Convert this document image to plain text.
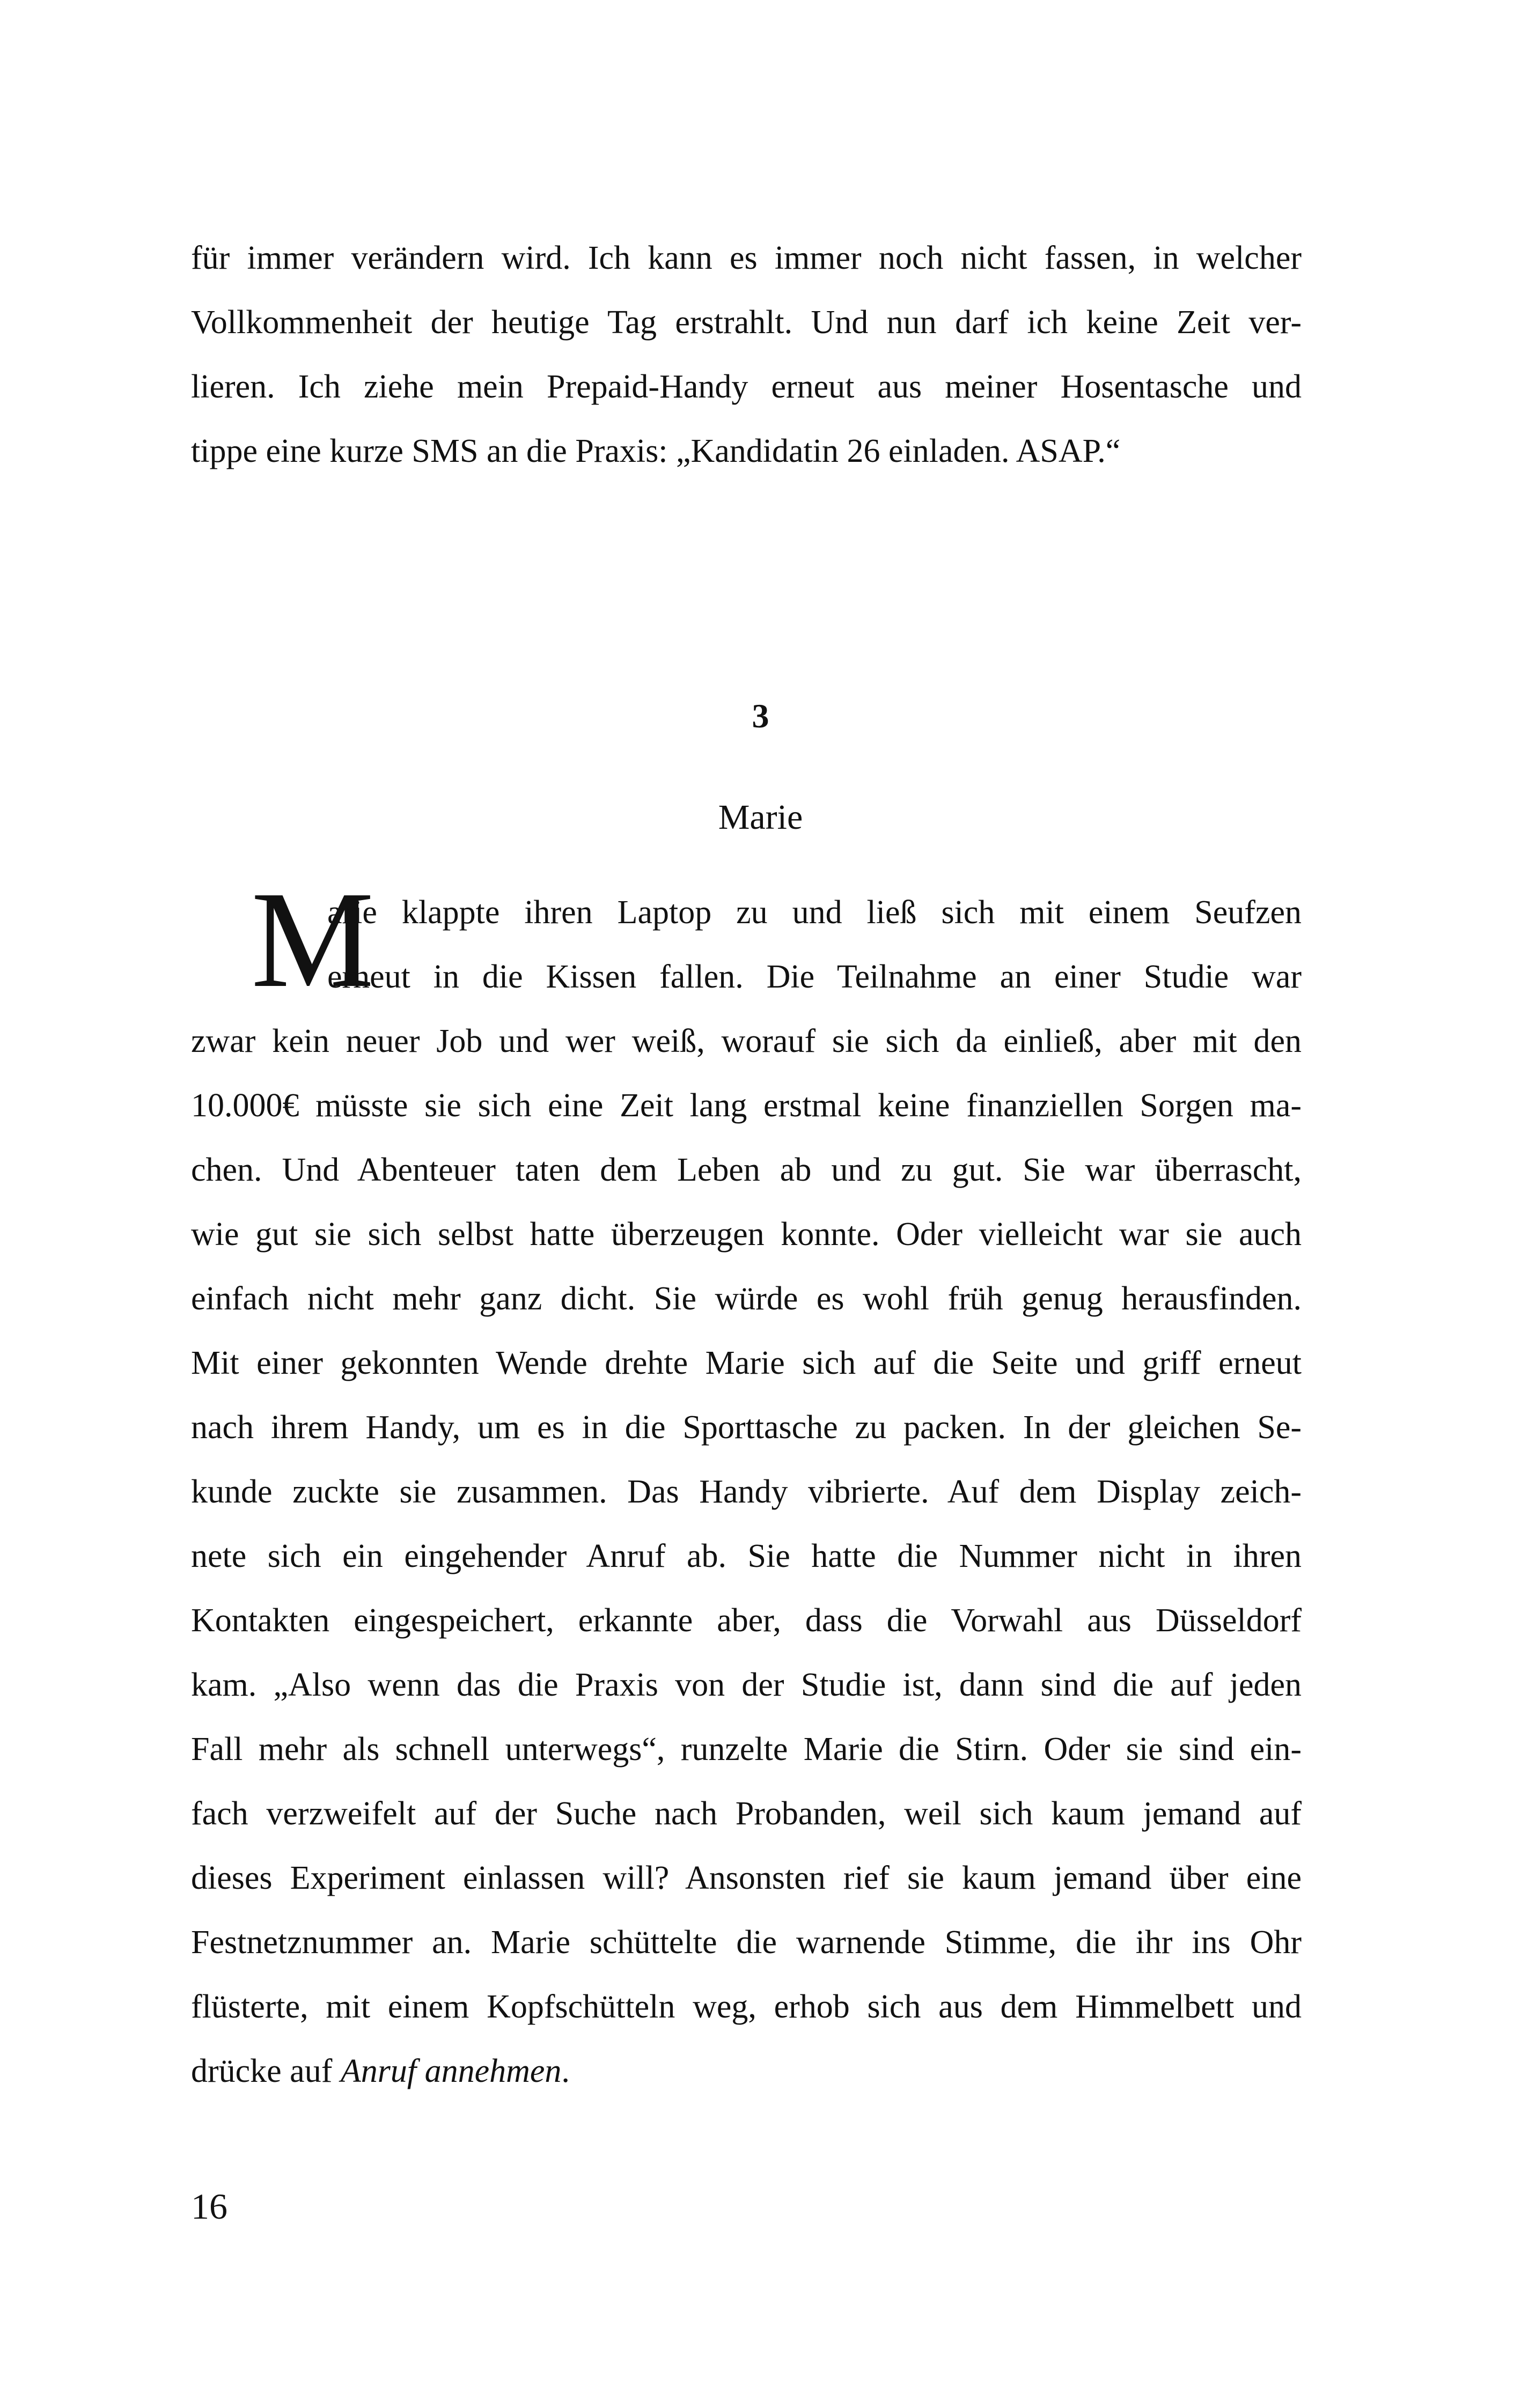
für immer verändern wird. Ich kann es immer noch nicht fassen, in welcher
Vollkommenheit der heutige Tag erstrahlt. Und nun darf ich keine Zeit ver-
lieren. Ich ziehe mein Prepaid-Handy erneut aus meiner Hosentasche und
tippe eine kurze SMS an die Praxis: „Kandidatin 26 einladen. ASAP.“
3
Marie
M
arie klappte ihren Laptop zu und ließ sich mit einem Seufzen
erneut in die Kissen fallen. Die Teilnahme an einer Studie war
zwar kein neuer Job und wer weiß, worauf sie sich da einließ, aber mit den
10.000€ müsste sie sich eine Zeit lang erstmal keine finanziellen Sorgen ma-
chen. Und Abenteuer taten dem Leben ab und zu gut. Sie war überrascht,
wie gut sie sich selbst hatte überzeugen konnte. Oder vielleicht war sie auch
einfach nicht mehr ganz dicht. Sie würde es wohl früh genug herausfinden.
Mit einer gekonnten Wende drehte Marie sich auf die Seite und griff erneut
nach ihrem Handy, um es in die Sporttasche zu packen. In der gleichen Se-
kunde zuckte sie zusammen. Das Handy vibrierte. Auf dem Display zeich-
nete sich ein eingehender Anruf ab. Sie hatte die Nummer nicht in ihren
Kontakten eingespeichert, erkannte aber, dass die Vorwahl aus Düsseldorf
kam. „Also wenn das die Praxis von der Studie ist, dann sind die auf jeden
Fall mehr als schnell unterwegs“, runzelte Marie die Stirn. Oder sie sind ein-
fach verzweifelt auf der Suche nach Probanden, weil sich kaum jemand auf
dieses Experiment einlassen will? Ansonsten rief sie kaum jemand über eine
Festnetznummer an. Marie schüttelte die warnende Stimme, die ihr ins Ohr
flüsterte, mit einem Kopfschütteln weg, erhob sich aus dem Himmelbett und
drücke auf Anruf annehmen.
16
